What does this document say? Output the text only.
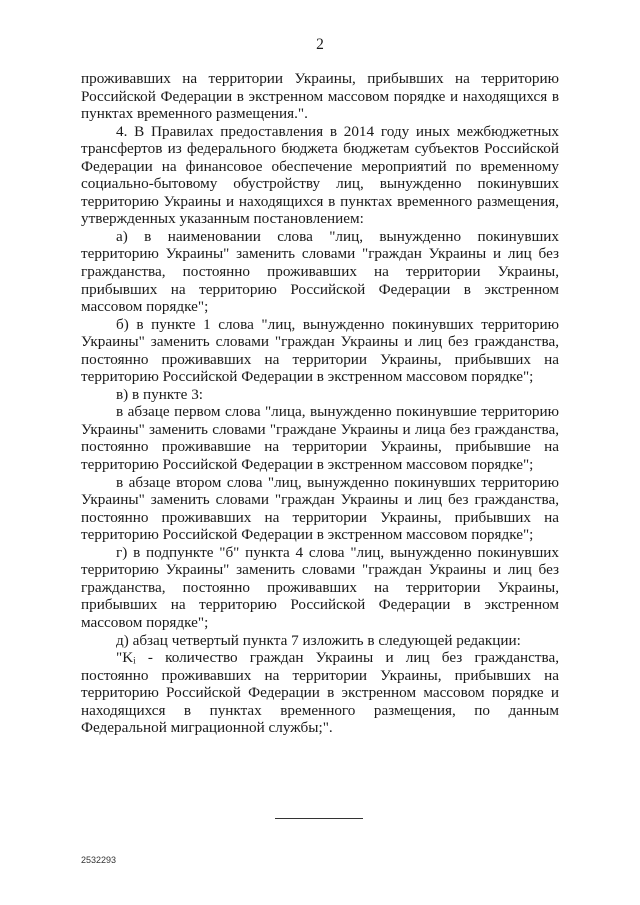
2

проживавших на территории Украины, прибывших на территорию Российской Федерации в экстренном массовом порядке и находящихся в пунктах временного размещения.".

4. В Правилах предоставления в 2014 году иных межбюджетных трансфертов из федерального бюджета бюджетам субъектов Российской Федерации на финансовое обеспечение мероприятий по временному социально-бытовому обустройству лиц, вынужденно покинувших территорию Украины и находящихся в пунктах временного размещения, утвержденных указанным постановлением:

а) в наименовании слова "лиц, вынужденно покинувших территорию Украины" заменить словами "граждан Украины и лиц без гражданства, постоянно проживавших на территории Украины, прибывших на территорию Российской Федерации в экстренном массовом порядке";

б) в пункте 1 слова "лиц, вынужденно покинувших территорию Украины" заменить словами "граждан Украины и лиц без гражданства, постоянно проживавших на территории Украины, прибывших на территорию Российской Федерации в экстренном массовом порядке";

в) в пункте 3:

в абзаце первом слова "лица, вынужденно покинувшие территорию Украины" заменить словами "граждане Украины и лица без гражданства, постоянно проживавшие на территории Украины, прибывшие на территорию Российской Федерации в экстренном массовом порядке";

в абзаце втором слова "лиц, вынужденно покинувших территорию Украины" заменить словами "граждан Украины и лиц без гражданства, постоянно проживавших на территории Украины, прибывших на территорию Российской Федерации в экстренном массовом порядке";

г) в подпункте "б" пункта 4 слова "лиц, вынужденно покинувших территорию Украины" заменить словами "граждан Украины и лиц без гражданства, постоянно проживавших на территории Украины, прибывших на территорию Российской Федерации в экстренном массовом порядке";

д) абзац четвертый пункта 7 изложить в следующей редакции:

"Kᵢ - количество граждан Украины и лиц без гражданства, постоянно проживавших на территории Украины, прибывших на территорию Российской Федерации в экстренном массовом порядке и находящихся в пунктах временного размещения, по данным Федеральной миграционной службы;".

2532293
